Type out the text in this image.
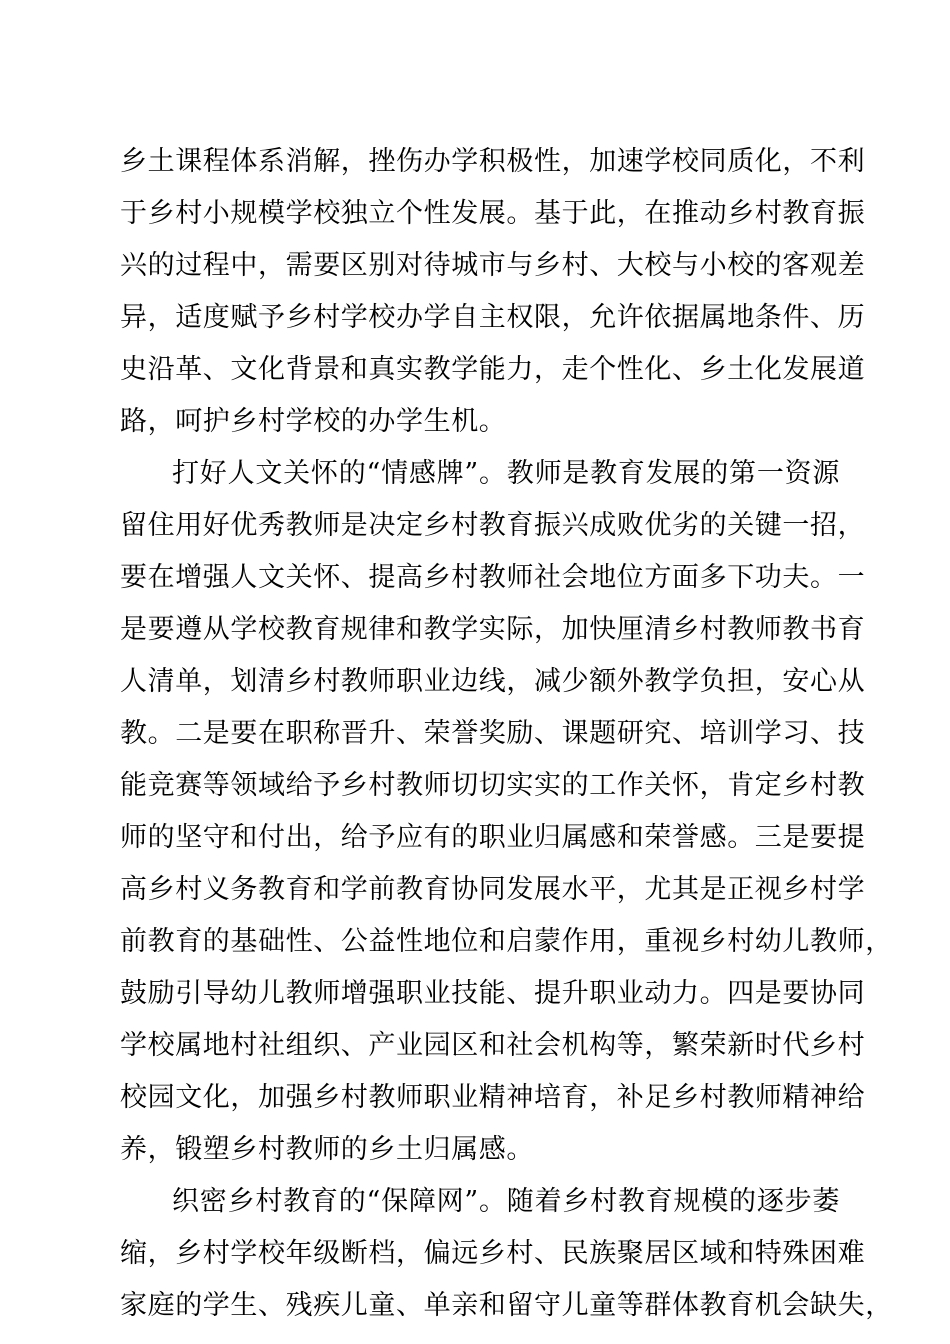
乡土课程体系消解，挫伤办学积极性，加速学校同质化，不利
于乡村小规模学校独立个性发展。基于此，在推动乡村教育振
兴的过程中，需要区别对待城市与乡村、大校与小校的客观差
异，适度赋予乡村学校办学自主权限，允许依据属地条件、历
史沿革、文化背景和真实教学能力，走个性化、乡土化发展道
路，呵护乡村学校的办学生机。
打好人文关怀的“情感牌”。教师是教育发展的第一资源
留住用好优秀教师是决定乡村教育振兴成败优劣的关键一招，
要在增强人文关怀、提高乡村教师社会地位方面多下功夫。一
是要遵从学校教育规律和教学实际，加快厘清乡村教师教书育
人清单，划清乡村教师职业边线，减少额外教学负担，安心从
教。二是要在职称晋升、荣誉奖励、课题研究、培训学习、技
能竞赛等领域给予乡村教师切切实实的工作关怀，肯定乡村教
师的坚守和付出，给予应有的职业归属感和荣誉感。三是要提
高乡村义务教育和学前教育协同发展水平，尤其是正视乡村学
前教育的基础性、公益性地位和启蒙作用，重视乡村幼儿教师，
鼓励引导幼儿教师增强职业技能、提升职业动力。四是要协同
学校属地村社组织、产业园区和社会机构等，繁荣新时代乡村
校园文化，加强乡村教师职业精神培育，补足乡村教师精神给
养，锻塑乡村教师的乡土归属感。
织密乡村教育的“保障网”。随着乡村教育规模的逐步萎
缩，乡村学校年级断档，偏远乡村、民族聚居区域和特殊困难
家庭的学生、残疾儿童、单亲和留守儿童等群体教育机会缺失，
